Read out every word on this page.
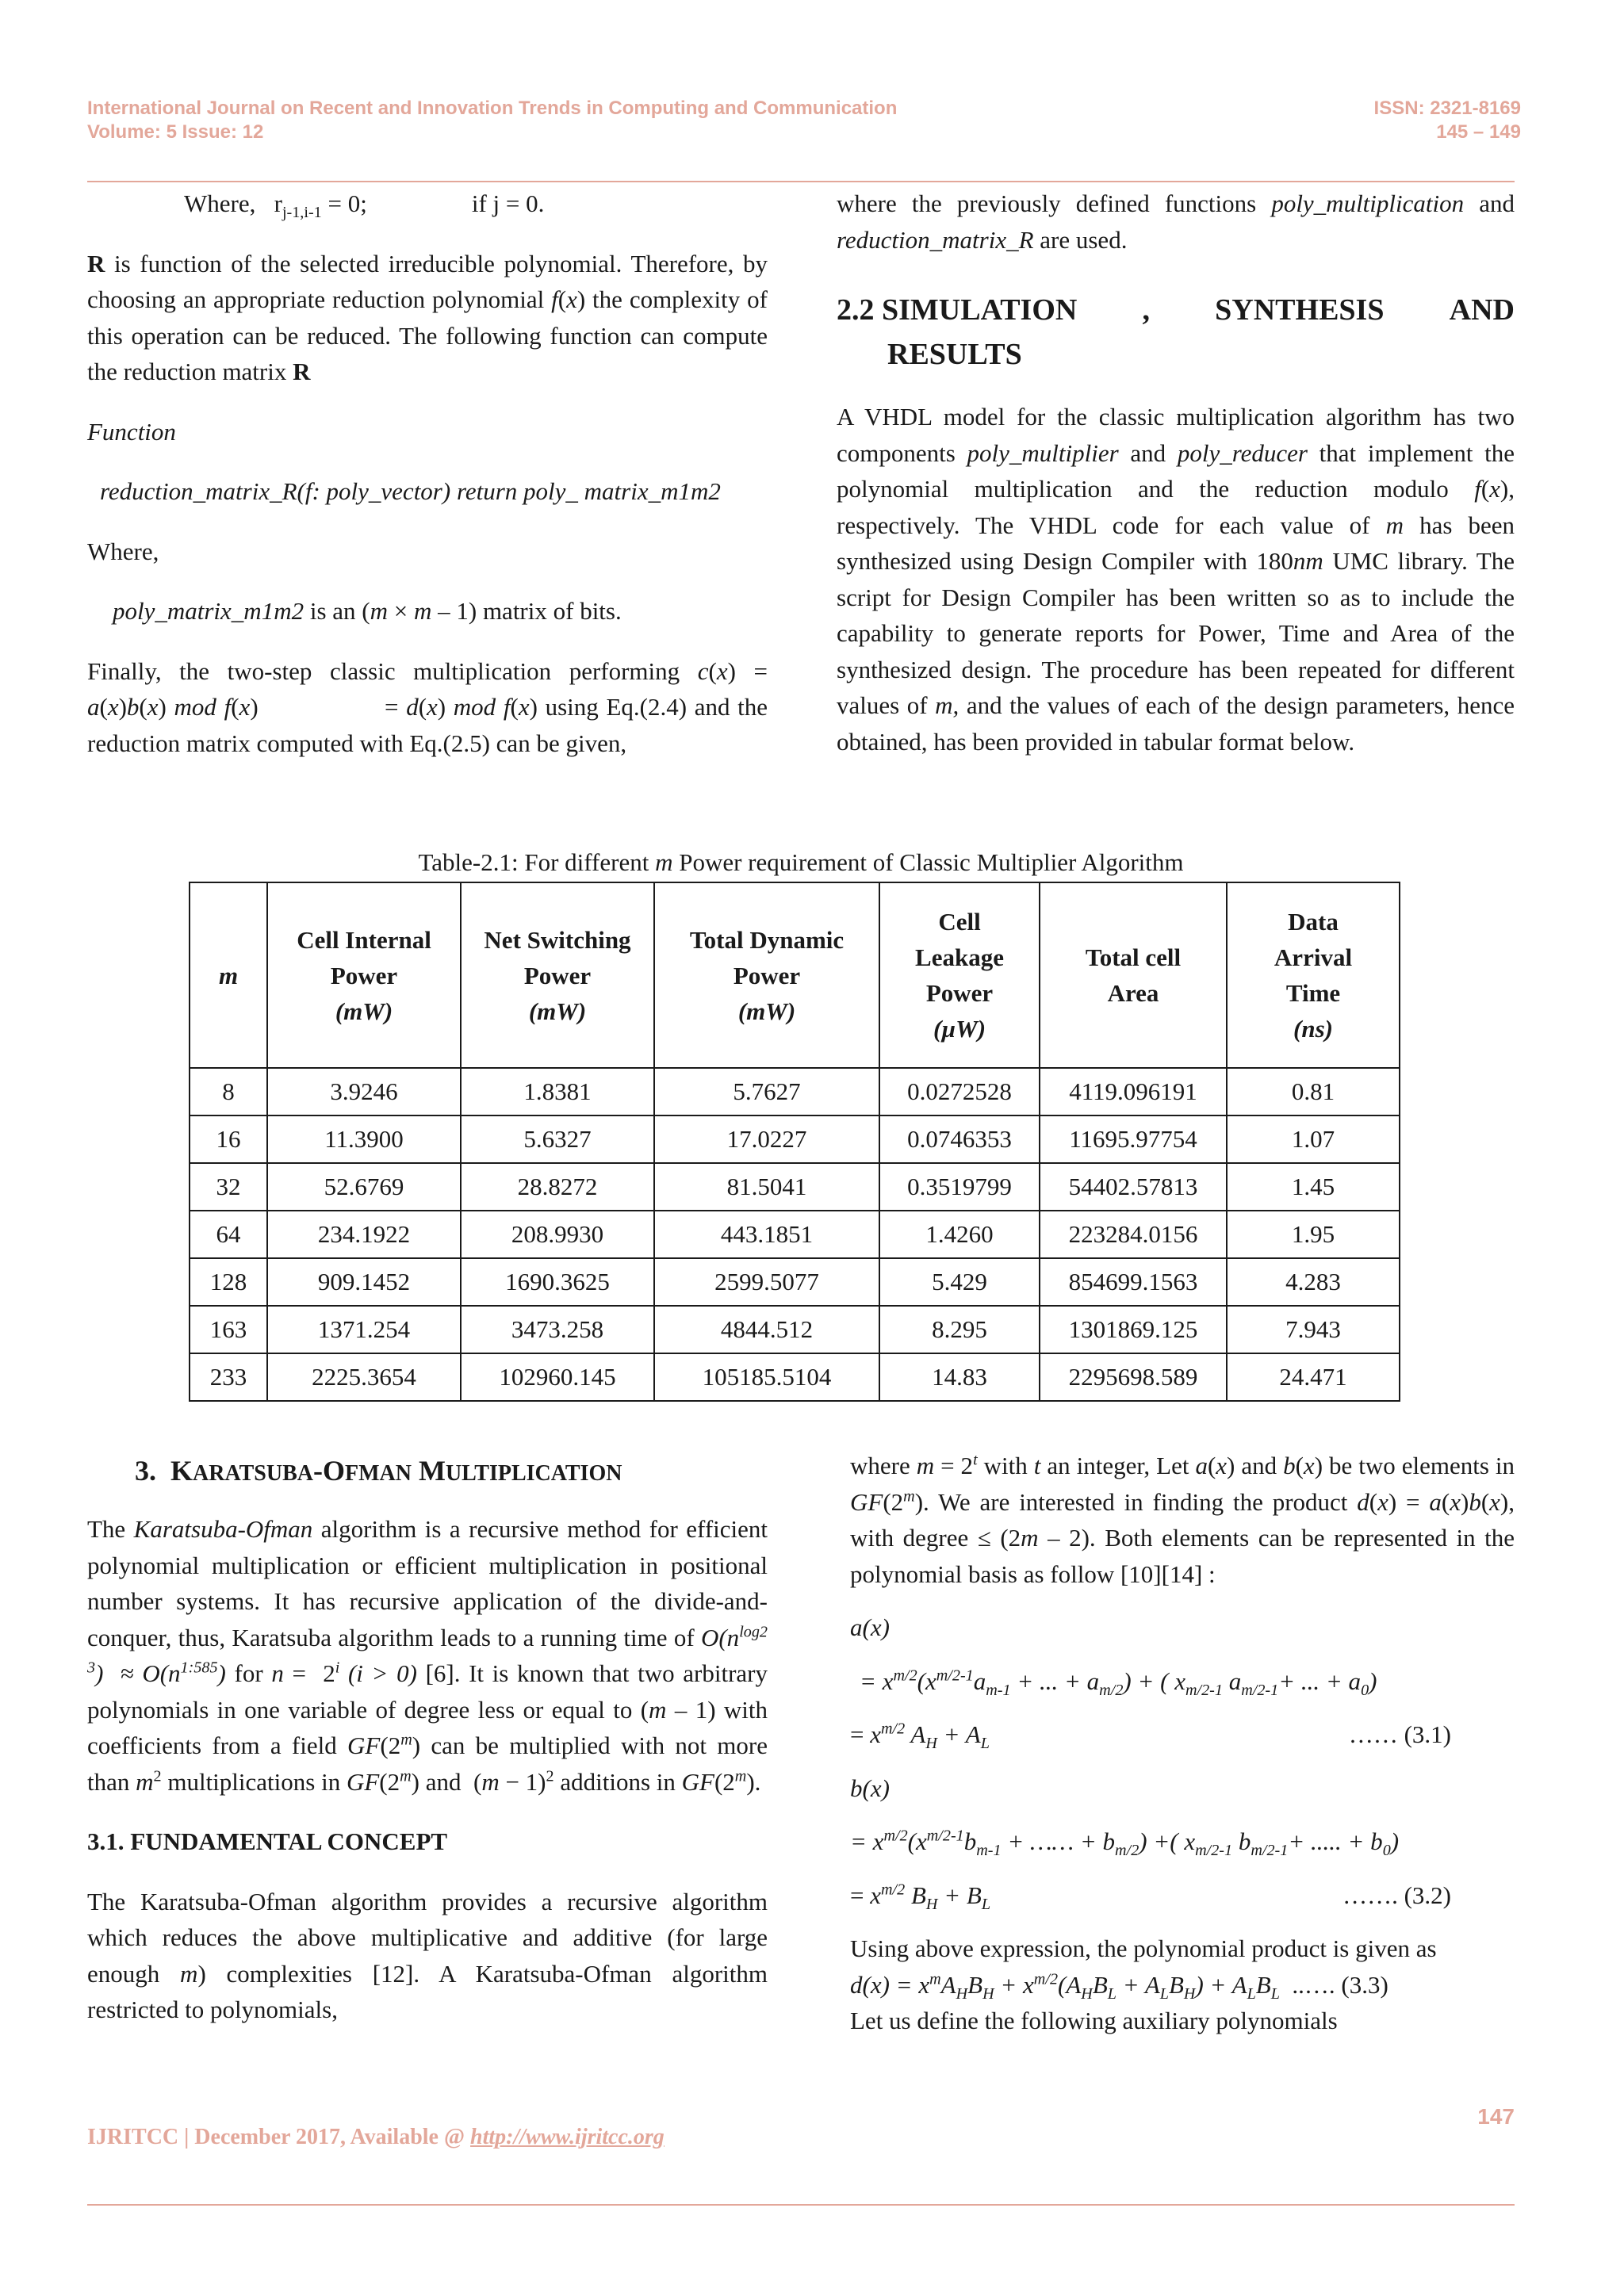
International Journal on Recent and Innovation Trends in Computing and Communication
Volume: 5 Issue: 12
ISSN: 2321-8169
145 – 149

Where,   $r_{j-1,i-1} = 0$;	if j = 0.

R is function of the selected irreducible polynomial. Therefore, by choosing an appropriate reduction polynomial f(x) the complexity of this operation can be reduced. The following function can compute the reduction matrix R

Function

reduction_matrix_R(f: poly_vector) return poly_ matrix_m1m2

Where,

poly_matrix_m1m2 is an (m × m – 1) matrix of bits.

Finally, the two-step classic multiplication performing c(x) = a(x)b(x) mod f(x)	= d(x) mod f(x) using Eq.(2.4) and the reduction matrix computed with Eq.(2.5) can be given,

where the previously defined functions poly_multiplication and reduction_matrix_R are used.

2.2 SIMULATION , SYNTHESIS AND
RESULTS

A VHDL model for the classic multiplication algorithm has two components poly_multiplier and poly_reducer that implement the polynomial multiplication and the reduction modulo f(x), respectively. The VHDL code for each value of m has been synthesized using Design Compiler with 180nm UMC library. The script for Design Compiler has been written so as to include the capability to generate reports for Power, Time and Area of the synthesized design. The procedure has been repeated for different values of m, and the values of each of the design parameters, hence obtained, has been provided in tabular format below.

Table-2.1: For different m Power requirement of Classic Multiplier Algorithm
m	Cell Internal
Power
(mW)	Net Switching
Power
(mW)	Total Dynamic
Power
(mW)	Cell
Leakage
Power
(µW)	Total cell
Area	Data
Arrival
Time
(ns)
8	3.9246	1.8381	5.7627	0.0272528	4119.096191	0.81
16	11.3900	5.6327	17.0227	0.0746353	11695.97754	1.07
32	52.6769	28.8272	81.5041	0.3519799	54402.57813	1.45
64	234.1922	208.9930	443.1851	1.4260	223284.0156	1.95
128	909.1452	1690.3625	2599.5077	5.429	854699.1563	4.283
163	1371.254	3473.258	4844.512	8.295	1301869.125	7.943
233	2225.3654	102960.145	105185.5104	14.83	2295698.589	24.471
3.  KARATSUBA-OFMAN MULTIPLICATION

The Karatsuba-Ofman algorithm is a recursive method for efficient polynomial multiplication or efficient multiplication in positional number systems. It has recursive application of the divide-and-conquer, thus, Karatsuba algorithm leads to a running time of $O(n^{log2 3}) \approx O(n^{1:585})$ for n =  2$^i$ (i > 0) [6]. It is known that two arbitrary polynomials in one variable of degree less or equal to (m – 1) with coefficients from a field GF(2$^m$) can be multiplied with not more than $m^2$ multiplications in GF(2$^m$) and  $(m - 1)^2$ additions in GF(2$^m$).

3.1. FUNDAMENTAL CONCEPT

The Karatsuba-Ofman algorithm provides a recursive algorithm which reduces the above multiplicative and additive (for large enough m) complexities [12]. A Karatsuba-Ofman algorithm restricted to polynomials,

where $m = 2^t$ with t an integer, Let a(x) and b(x) be two elements in GF(2$^m$). We are interested in finding the product d(x) = a(x)b(x), with degree ≤ (2m – 2). Both elements can be represented in the polynomial basis as follow [10][14] :

a(x)

= $x^{m/2}(x^{m/2-1}a_{m-1}$ + ... + $a_{m/2}$) + ( $x_{m/2-1}$ $a_{m/2-1}+$ ... + $a_0$)

= $x^{m/2}$ $A_H + A_L$	…… (3.1)

b(x)

= $x^{m/2}(x^{m/2-1}b_{m-1}$ + …… + $b_{m/2}$) +( $x_{m/2-1}$ $b_{m/2-1}+$ ..... + $b_0$)

= $x^{m/2}$ $B_H + B_L$	……. (3.2)

Using above expression, the polynomial product is given as

$d(x) = x^mA_HB_H + x^{m/2}(A_HB_L + A_LB_H) + A_LB_L$ ..…. (3.3)

Let us define the following auxiliary polynomials

147
IJRITCC | December 2017, Available @ http://www.ijritcc.org
